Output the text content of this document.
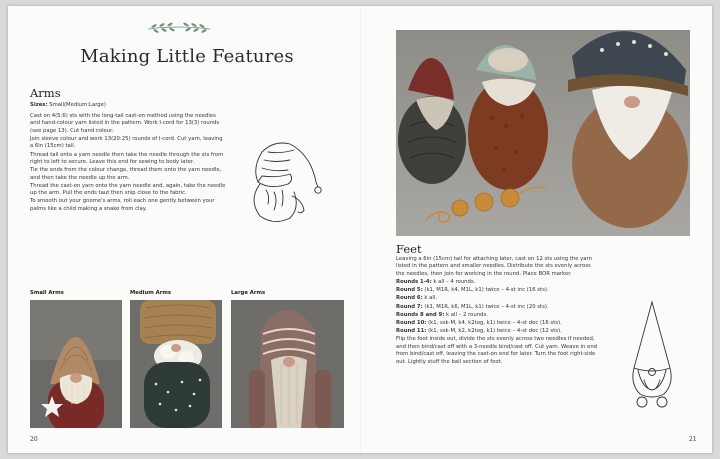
Making Little Features
Arms
Sizes: Small(Medium:Large)

Cast on 4(5:6) sts with the long-tail cast-on method using the needles and hand-colour yarn listed in the pattern. Work I-cord for 13(3) rounds (see page 13). Cut hand colour.

Join sleeve colour and work 13(20:25) rounds of I-cord. Cut yarn, leaving a 6in (15cm) tail.

Thread tail onto a yarn needle then take the needle through the sts from right to left to secure. Leave this end for sewing to body later.

Tie the ends from the colour change, thread them onto the yarn needle, and then take the needle up the arm.

Thread the cast-on yarn onto the yarn needle and, again, take the needle up the arm. Pull the ends taut then snip close to the fabric.

To smooth out your gnome's arms, roll each one gently between your palms like a child making a snake from clay.

Small Arms	Medium Arms	Large Arms
20
Feet

Leaving a 6in (15cm) tail for attaching later, cast on 12 sts using the yarn listed in the pattern and smaller needles. Distribute the sts evenly across the needles, then join for working in the round. Place BOR marker.

Rounds 1-4: k all – 4 rounds.

Round 5: (k1, M1R, k4, M1L, k1) twice – 4-st inc (16 sts).

Round 6: k all.

Round 7: (k1, M1R, k6, M1L, k1) twice – 4-st inc (20 sts).

Rounds 8 and 9: k all – 2 rounds.

Round 10: (k1, ssk-M, k4, k2tog, k1) twice – 4-st dec (16 sts).

Round 11: (k1, ssk-M, k2, k2tog, k1) twice – 4-st dec (12 sts).

Flip the foot inside out, divide the sts evenly across two needles if needed, and then bind/cast off with a 3-needle bind/cast off. Cut yarn. Weave in end from bind/cast off, leaving the cast-on end for later. Turn the foot right-side out. Lightly stuff the ball section of foot.

21
